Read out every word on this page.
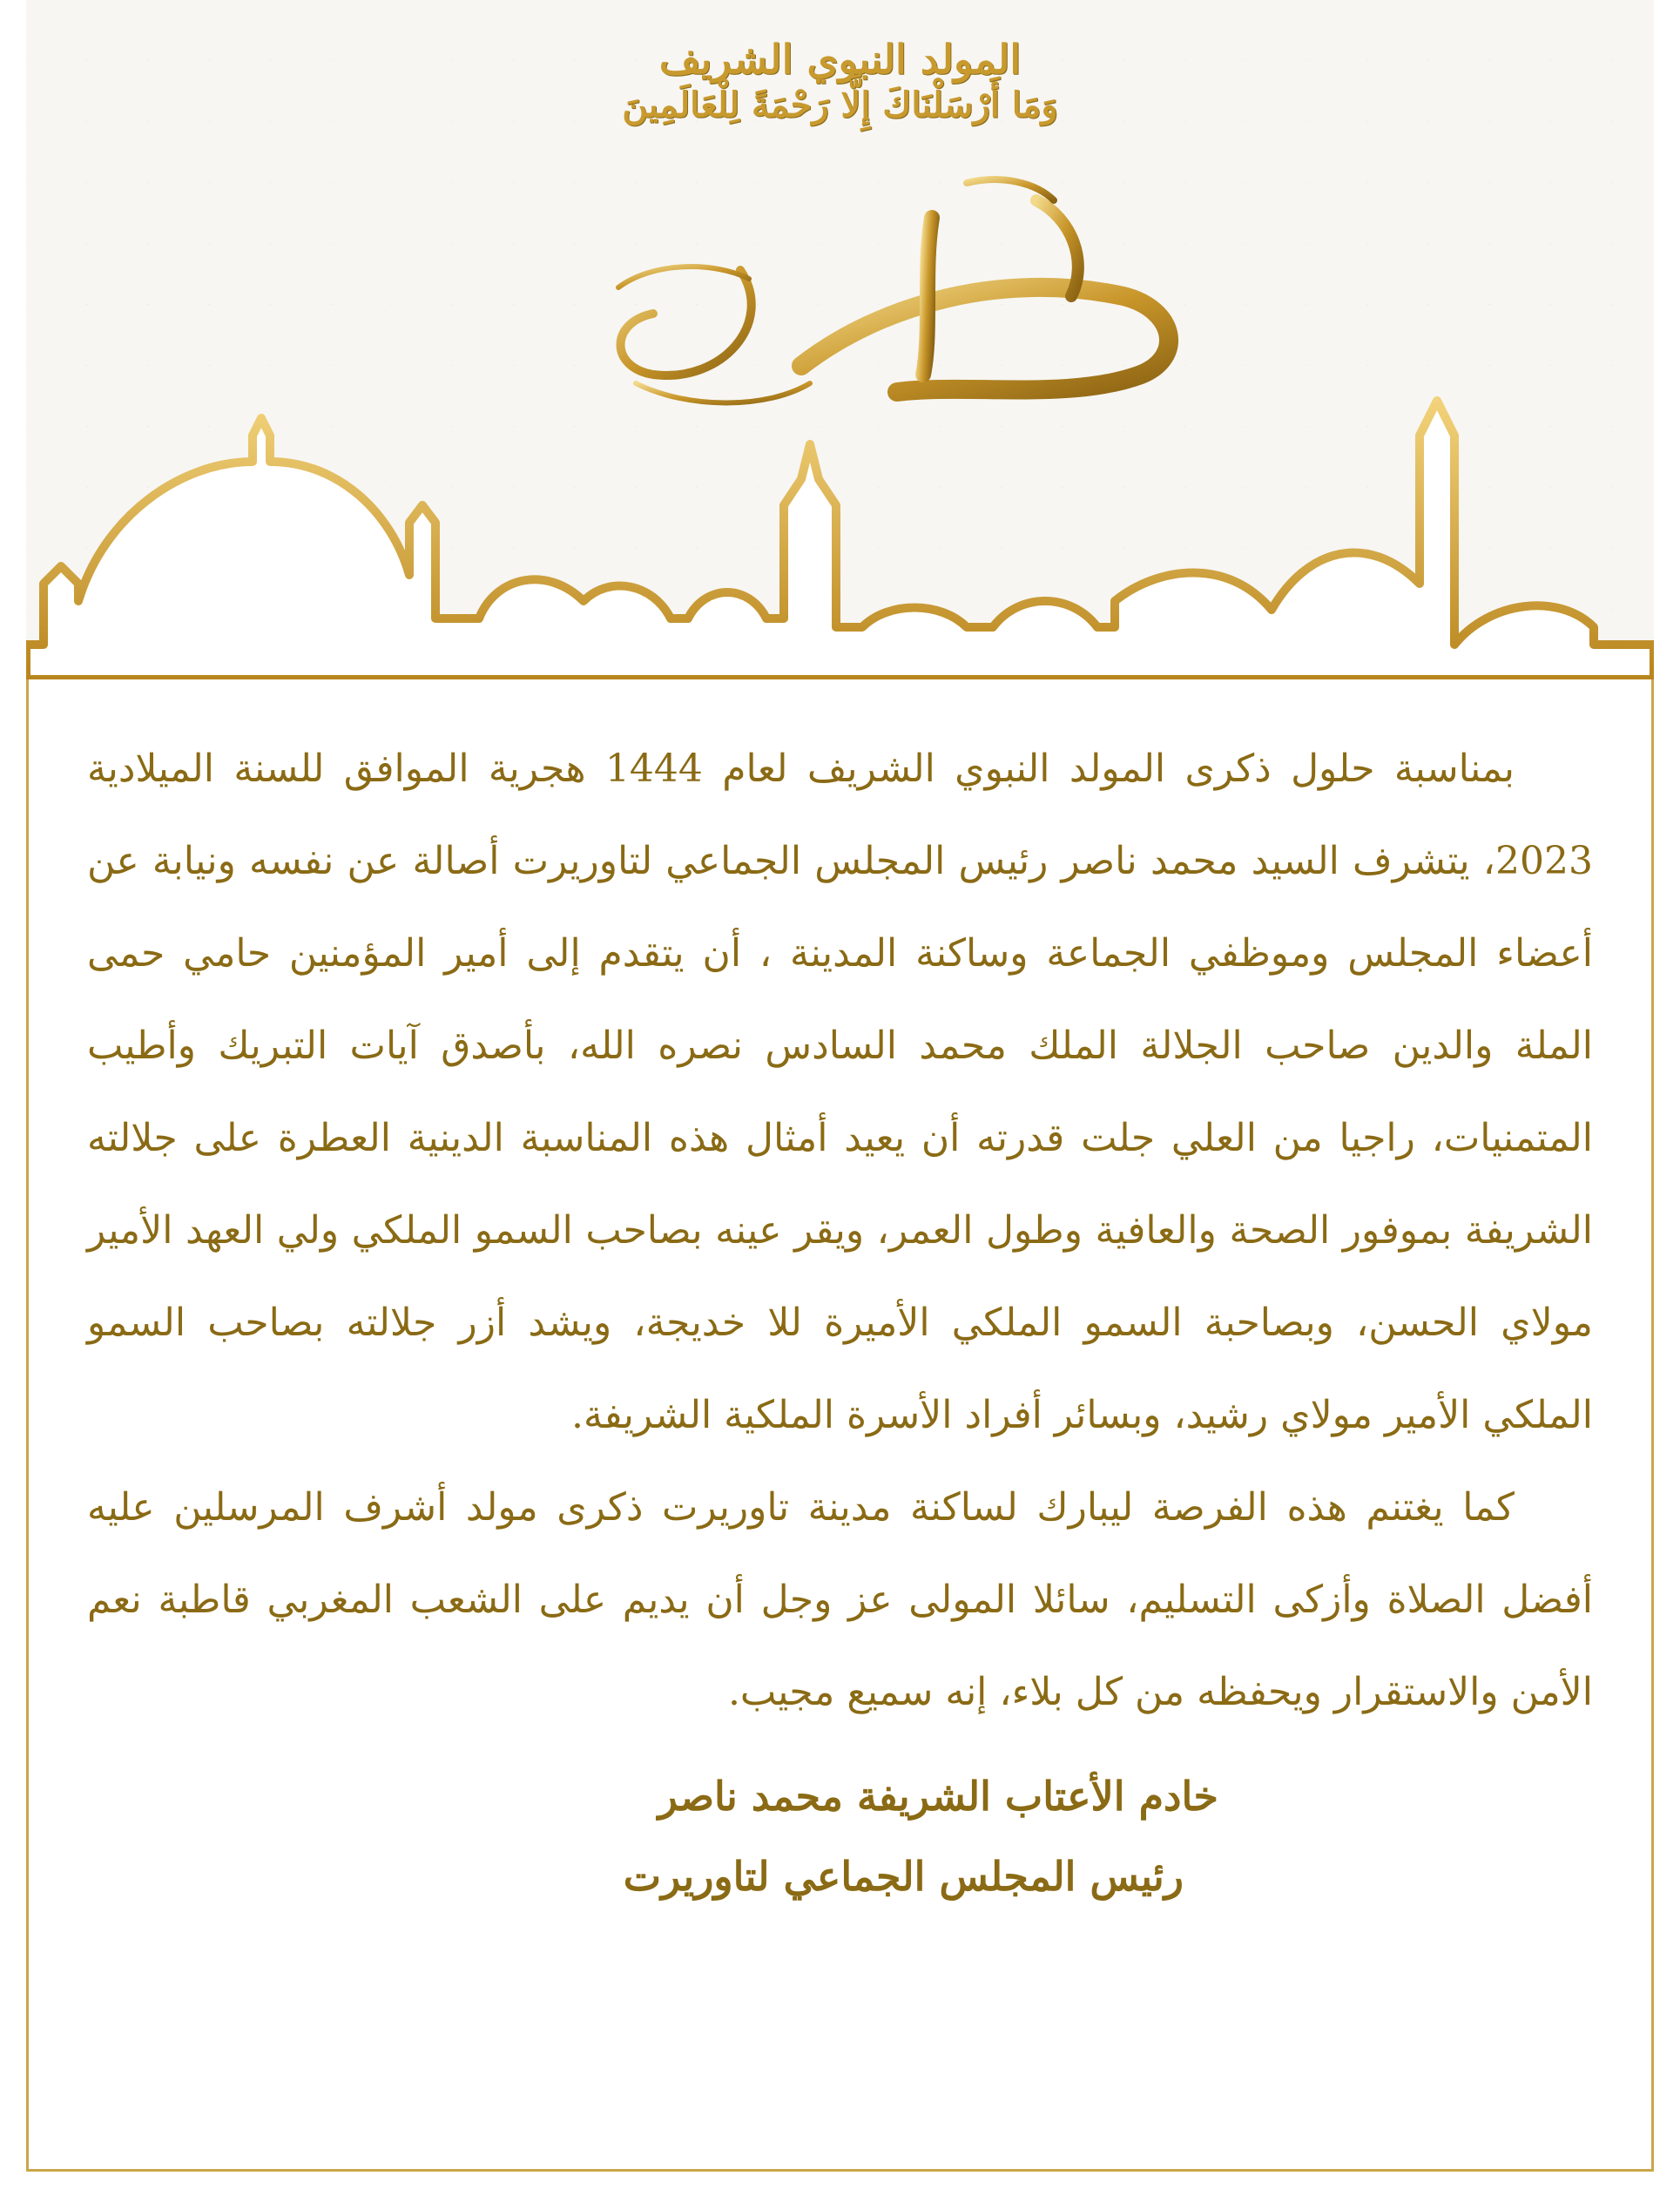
المولد النبوي الشريف
وَمَا أَرْسَلْنَاكَ إِلَّا رَحْمَةً لِلْعَالَمِينَ

بمناسبة حلول ذكرى المولد النبوي الشريف لعام 1444 هجرية الموافق للسنة الميلادية 2023، يتشرف السيد محمد ناصر رئيس المجلس الجماعي لتاوريرت أصالة عن نفسه ونيابة عن أعضاء المجلس وموظفي الجماعة وساكنة المدينة ، أن يتقدم إلى أمير المؤمنين حامي حمى الملة والدين صاحب الجلالة الملك محمد السادس نصره الله، بأصدق آيات التبريك وأطيب المتمنيات، راجيا من العلي جلت قدرته أن يعيد أمثال هذه المناسبة الدينية العطرة على جلالته الشريفة بموفور الصحة والعافية وطول العمر، ويقر عينه بصاحب السمو الملكي ولي العهد الأمير مولاي الحسن، وبصاحبة السمو الملكي الأميرة للا خديجة، ويشد أزر جلالته بصاحب السمو الملكي الأمير مولاي رشيد، وبسائر أفراد الأسرة الملكية الشريفة.

كما يغتنم هذه الفرصة ليبارك لساكنة مدينة تاوريرت ذكرى مولد أشرف المرسلين عليه أفضل الصلاة وأزكى التسليم، سائلا المولى عز وجل أن يديم على الشعب المغربي قاطبة نعم الأمن والاستقرار ويحفظه من كل بلاء، إنه سميع مجيب.

خادم الأعتاب الشريفة محمد ناصر
رئيس المجلس الجماعي لتاوريرت
